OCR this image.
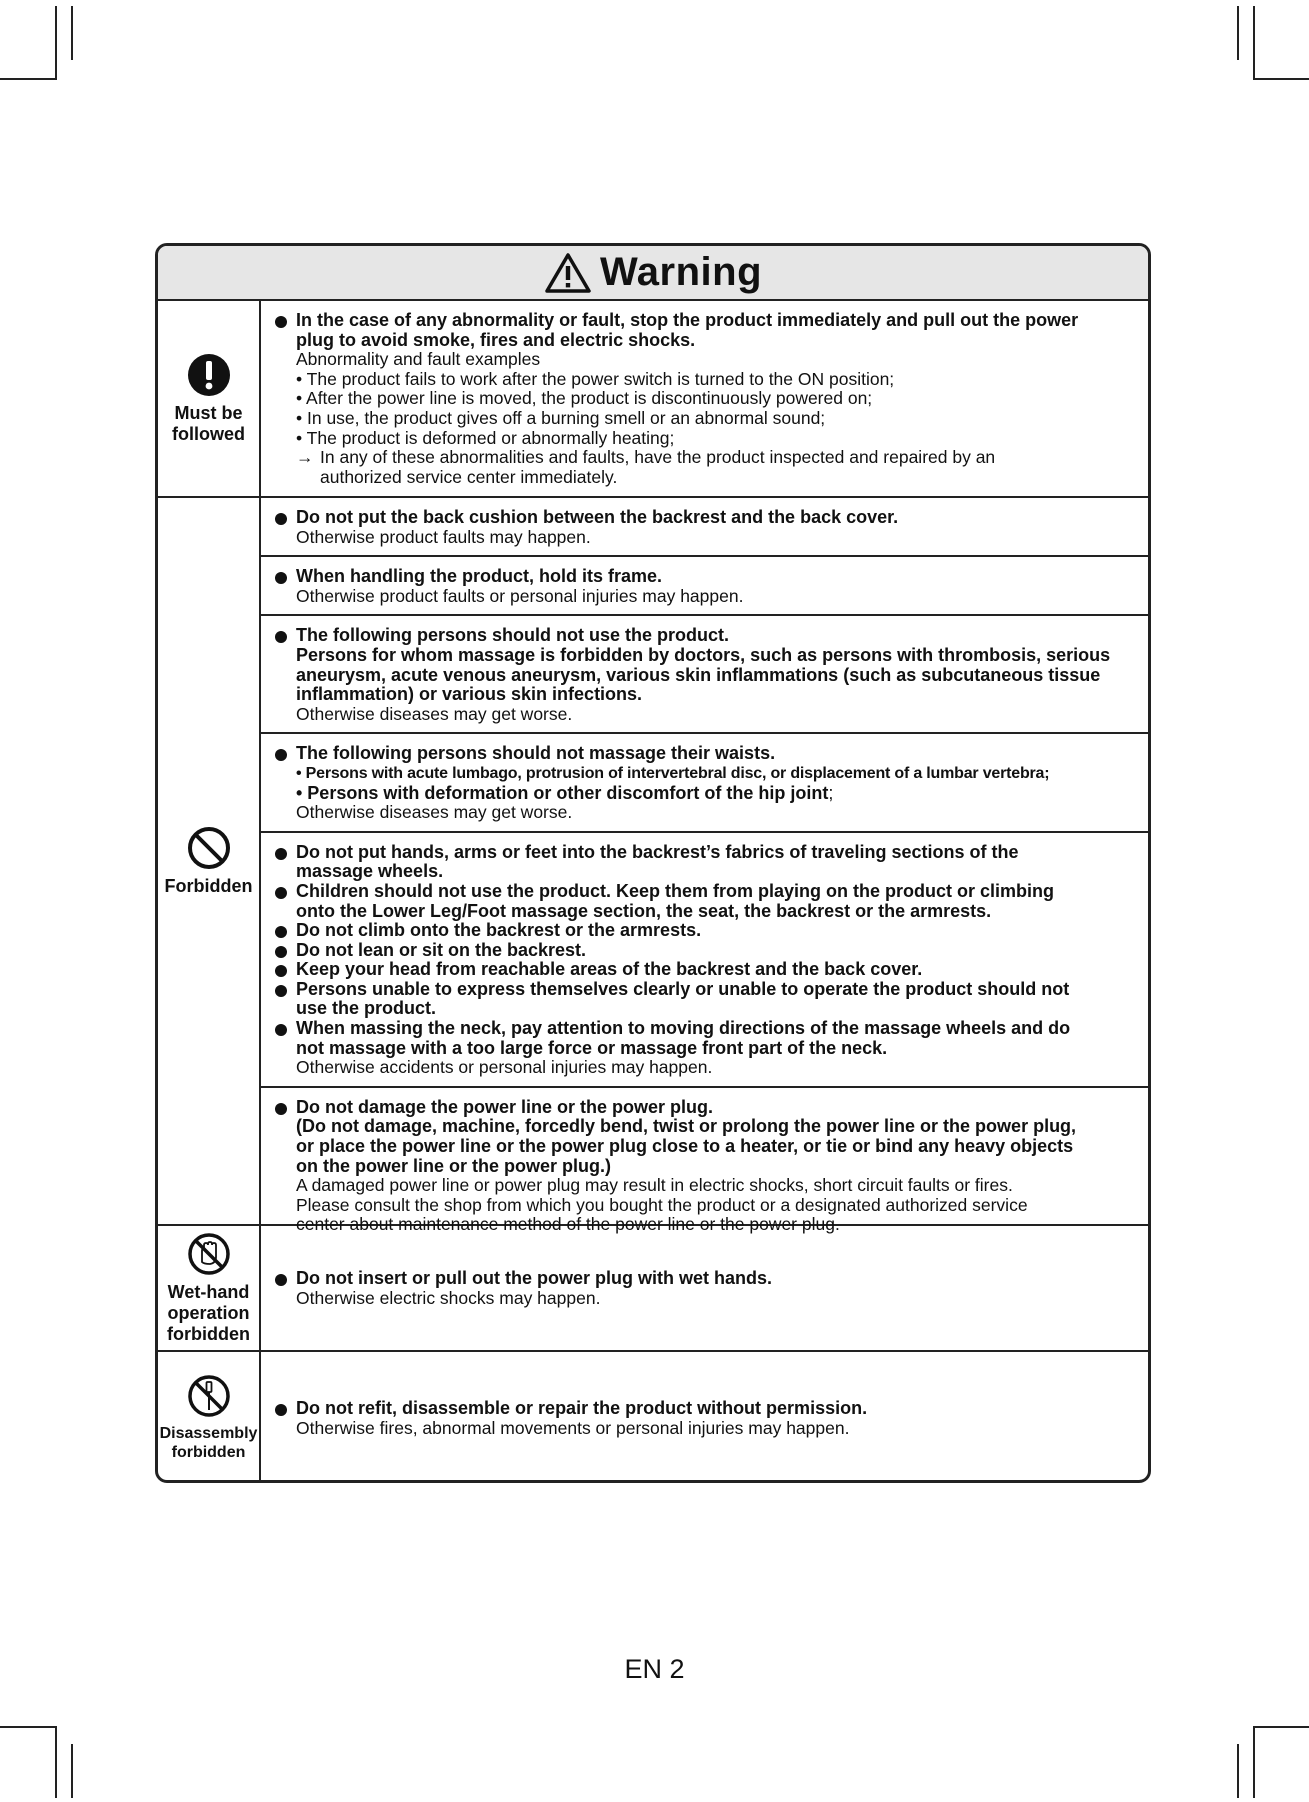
Warning
Must be
followed
In the case of any abnormality or fault, stop the product immediately and pull out the power
plug to avoid smoke, fires and electric shocks.
Abnormality and fault examples
• The product fails to work after the power switch is turned to the ON position;
• After the power line is moved, the product is discontinuously powered on;
• In use, the product gives off a burning smell or an abnormal sound;
• The product is deformed or abnormally heating;
→ In any of these abnormalities and faults, have the product inspected and repaired by an
authorized service center immediately.
Forbidden
Do not put the back cushion between the backrest and the back cover.
Otherwise product faults may happen.
When handling the product, hold its frame.
Otherwise product faults or personal injuries may happen.
The following persons should not use the product.
Persons for whom massage is forbidden by doctors, such as persons with thrombosis, serious
aneurysm, acute venous aneurysm, various skin inflammations (such as subcutaneous tissue
inflammation) or various skin infections.
Otherwise diseases may get worse.
The following persons should not massage their waists.
• Persons with acute lumbago, protrusion of intervertebral disc, or displacement of a lumbar vertebra;
• Persons with deformation or other discomfort of the hip joint;
Otherwise diseases may get worse.
Do not put hands, arms or feet into the backrest’s fabrics of traveling sections of the
massage wheels.
Children should not use the product. Keep them from playing on the product or climbing
onto the Lower Leg/Foot massage section, the seat, the backrest or the armrests.
Do not climb onto the backrest or the armrests.
Do not lean or sit on the backrest.
Keep your head from reachable areas of the backrest and the back cover.
Persons unable to express themselves clearly or unable to operate the product should not
use the product.
When massing the neck, pay attention to moving directions of the massage wheels and do
not massage with a too large force or massage front part of the neck.
Otherwise accidents or personal injuries may happen.
Do not damage the power line or the power plug.
(Do not damage, machine, forcedly bend, twist or prolong the power line or the power plug,
or place the power line or the power plug close to a heater, or tie or bind any heavy objects
on the power line or the power plug.)
A damaged power line or power plug may result in electric shocks, short circuit faults or fires.
Please consult the shop from which you bought the product or a designated authorized service
center about maintenance method of the power line or the power plug.
Wet-hand
operation
forbidden
Do not insert or pull out the power plug with wet hands.
Otherwise electric shocks may happen.
Disassembly
forbidden
Do not refit, disassemble or repair the product without permission.
Otherwise fires, abnormal movements or personal injuries may happen.
EN 2
